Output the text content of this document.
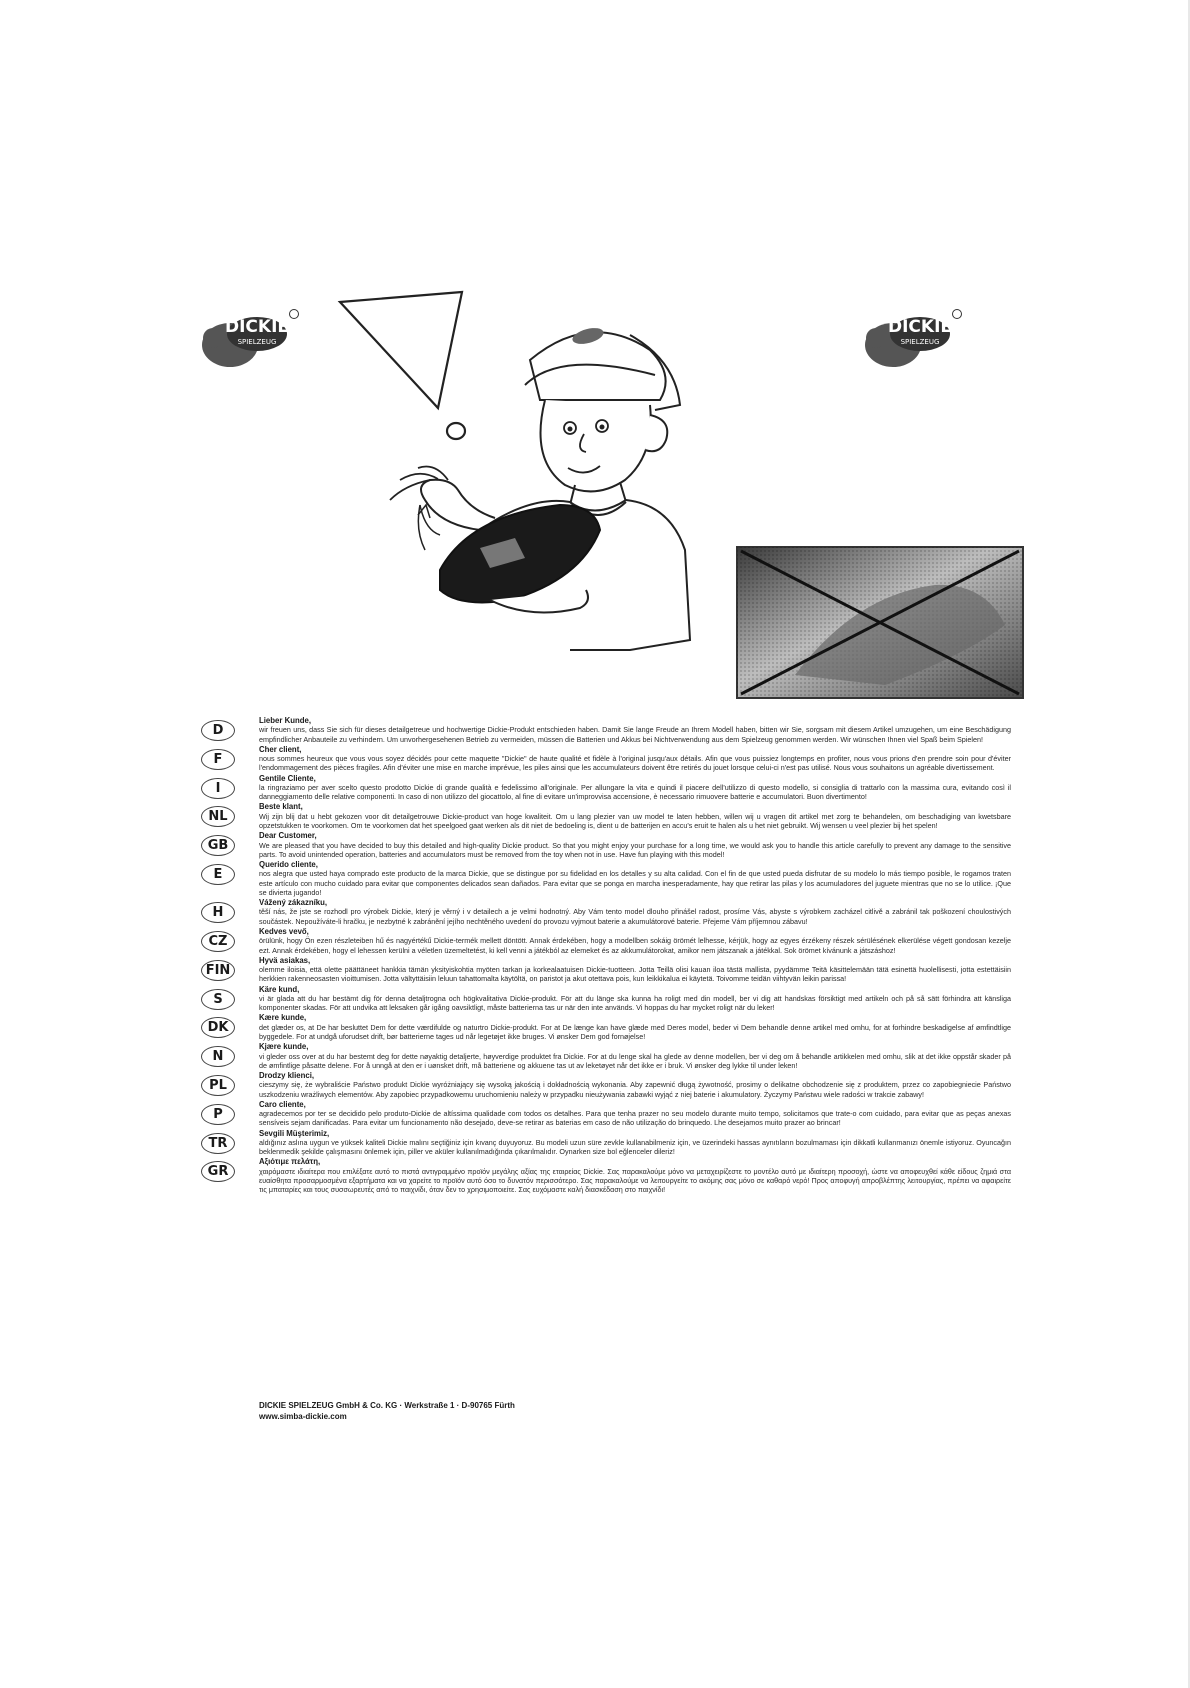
DICKIE
SPIELZEUG
DICKIE
SPIELZEUG
D
Lieber Kunde,
wir freuen uns, dass Sie sich für dieses detailgetreue und hochwertige Dickie-Produkt entschieden haben. Damit Sie lange Freude an Ihrem Modell haben, bitten wir Sie, sorgsam mit diesem Artikel umzugehen, um eine Beschädigung empfindlicher Anbauteile zu verhindern. Um unvorhergesehenen Betrieb zu vermeiden, müssen die Batterien und Akkus bei Nichtverwendung aus dem Spielzeug genommen werden. Wir wünschen Ihnen viel Spaß beim Spielen!
F
Cher client,
nous sommes heureux que vous vous soyez décidés pour cette maquette "Dickie" de haute qualité et fidèle à l'original jusqu'aux détails. Afin que vous puissiez longtemps en profiter, nous vous prions d'en prendre soin pour d'éviter l'endommagement des pièces fragiles. Afin d'éviter une mise en marche imprévue, les piles ainsi que les accumulateurs doivent être retirés du jouet lorsque celui-ci n'est pas utilisé. Nous vous souhaitons un agréable divertissement.
I
Gentile Cliente,
la ringraziamo per aver scelto questo prodotto Dickie di grande qualità e fedelissimo all'originale. Per allungare la vita e quindi il piacere dell'utilizzo di questo modello, si consiglia di trattarlo con la massima cura, evitando così il danneggiamento delle relative componenti. In caso di non utilizzo del giocattolo, al fine di evitare un'improvvisa accensione, è necessario rimuovere batterie e accumulatori. Buon divertimento!
NL
Beste klant,
Wij zijn blij dat u hebt gekozen voor dit detailgetrouwe Dickie-product van hoge kwaliteit. Om u lang plezier van uw model te laten hebben, willen wij u vragen dit artikel met zorg te behandelen, om beschadiging van kwetsbare opzetstukken te voorkomen. Om te voorkomen dat het speelgoed gaat werken als dit niet de bedoeling is, dient u de batterijen en accu's eruit te halen als u het niet gebruikt. Wij wensen u veel plezier bij het spelen!
GB
Dear Customer,
We are pleased that you have decided to buy this detailed and high-quality Dickie product. So that you might enjoy your purchase for a long time, we would ask you to handle this article carefully to prevent any damage to the sensitive parts. To avoid unintended operation, batteries and accumulators must be removed from the toy when not in use. Have fun playing with this model!
E
Querido cliente,
nos alegra que usted haya comprado este producto de la marca Dickie, que se distingue por su fidelidad en los detalles y su alta calidad. Con el fin de que usted pueda disfrutar de su modelo lo más tiempo posible, le rogamos traten este artículo con mucho cuidado para evitar que componentes delicados sean dañados. Para evitar que se ponga en marcha inesperadamente, hay que retirar las pilas y los acumuladores del juguete mientras que no se lo utilice. ¡Que se divierta jugando!
H
Vážený zákazníku,
těší nás, že jste se rozhodl pro výrobek Dickie, který je věrný i v detailech a je velmi hodnotný. Aby Vám tento model dlouho přinášel radost, prosíme Vás, abyste s výrobkem zacházel citlivě a zabránil tak poškození choulostivých součástek. Nepoužíváte-li hračku, je nezbytné k zabránění jejího nechtěného uvedení do provozu vyjmout baterie a akumulátorové baterie. Přejeme Vám příjemnou zábavu!
CZ
Kedves vevő,
örülünk, hogy Ön ezen részleteiben hű és nagyértékű Dickie-termék mellett döntött. Annak érdekében, hogy a modellben sokáig örömét lelhesse, kérjük, hogy az egyes érzékeny részek sérülésének elkerülése végett gondosan kezelje ezt. Annak érdekében, hogy el lehessen kerülni a véletlen üzemeltetést, ki kell venni a játékból az elemeket és az akkumulátorokat, amikor nem játszanak a játékkal. Sok örömet kívánunk a játszáshoz!
FIN
Hyvä asiakas,
olemme iloisia, että olette päättäneet hankkia tämän yksityiskohtia myöten tarkan ja korkealaatuisen Dickie-tuotteen. Jotta Teillä olisi kauan iloa tästä mallista, pyydämme Teitä käsittelemään tätä esinettä huolellisesti, jotta estettäisiin herkkien rakenneosasten vioittumisen. Jotta vältyttäisiin leluun tahattomalta käytöltä, on paristot ja akut otettava pois, kun leikkikalua ei käytetä. Toivomme teidän viihtyvän leikin parissa!
S
Käre kund,
vi är glada att du har bestämt dig för denna detaljtrogna och högkvalitativa Dickie-produkt. För att du länge ska kunna ha roligt med din modell, ber vi dig att handskas försiktigt med artikeln och på så sätt förhindra att känsliga komponenter skadas. För att undvika att leksaken går igång oavsiktligt, måste batterierna tas ur när den inte används. Vi hoppas du har mycket roligt när du leker!
DK
Kære kunde,
det glæder os, at De har besluttet Dem for dette værdifulde og naturtro Dickie-produkt. For at De længe kan have glæde med Deres model, beder vi Dem behandle denne artikel med omhu, for at forhindre beskadigelse af ømfindtlige byggedele. For at undgå uforudset drift, bør batterierne tages ud når legetøjet ikke bruges. Vi ønsker Dem god fornøjelse!
N
Kjære kunde,
vi gleder oss over at du har bestemt deg for dette nøyaktig detaljerte, høyverdige produktet fra Dickie. For at du lenge skal ha glede av denne modellen, ber vi deg om å behandle artikkelen med omhu, slik at det ikke oppstår skader på de ømfintlige påsatte delene. For å unngå at den er i uønsket drift, må batteriene og akkuene tas ut av leketøyet når det ikke er i bruk. Vi ønsker deg lykke til under leken!
PL
Drodzy klienci,
cieszymy się, że wybraliście Państwo produkt Dickie wyróżniający się wysoką jakością i dokładnością wykonania. Aby zapewnić długą żywotność, prosimy o delikatne obchodzenie się z produktem, przez co zapobiegniecie Państwo uszkodzeniu wrażliwych elementów. Aby zapobiec przypadkowemu uruchomieniu należy w przypadku nieużywania zabawki wyjąć z niej baterie i akumulatory. Życzymy Państwu wiele radości w trakcie zabawy!
P
Caro cliente,
agradecemos por ter se decidido pelo produto-Dickie de altíssima qualidade com todos os detalhes. Para que tenha prazer no seu modelo durante muito tempo, solicitamos que trate-o com cuidado, para evitar que as peças anexas sensíveis sejam danificadas. Para evitar um funcionamento não desejado, deve-se retirar as baterias em caso de não utilização do brinquedo. Lhe desejamos muito prazer ao brincar!
TR
Sevgili Müşterimiz,
aldığınız aslına uygun ve yüksek kaliteli Dickie malını seçtiğiniz için kıvanç duyuyoruz. Bu modeli uzun süre zevkle kullanabilmeniz için, ve üzerindeki hassas aynıtıların bozulmaması için dikkatli kullanmanızı önemle istiyoruz. Oyuncağın beklenmedik şekilde çalışmasını önlemek için, piller ve aküler kullanılmadığında çıkarılmalıdır. Oynarken size bol eğlenceler dileriz!
GR
Αξιότιμε πελάτη,
χαιρόμαστε ιδιαίτερα που επιλέξατε αυτό το πιστά αντιγραμμένο προϊόν μεγάλης αξίας της εταιρείας Dickie. Σας παρακαλούμε μόνο να μεταχειρίζεστε το μοντέλο αυτό με ιδιαίτερη προσοχή, ώστε να αποφευχθεί κάθε είδους ζημιά στα ευαίσθητα προσαρμοσμένα εξαρτήματα και να χαρείτε το προϊόν αυτό όσο το δυνατόν περισσότερο. Σας παρακαλούμε να λειτουργείτε το ακόμης σας μόνο σε καθαρό νερό! Προς αποφυγή απροβλέπτης λειτουργίας, πρέπει να αφαιρείτε τις μπαταρίες και τους συσσωρευτές από το παιχνίδι, όταν δεν το χρησιμοποιείτε. Σας ευχόμαστε καλή διασκέδαση στο παιχνίδι!
DICKIE SPIELZEUG GmbH & Co. KG · Werkstraße 1 · D-90765 Fürth
www.simba-dickie.com
